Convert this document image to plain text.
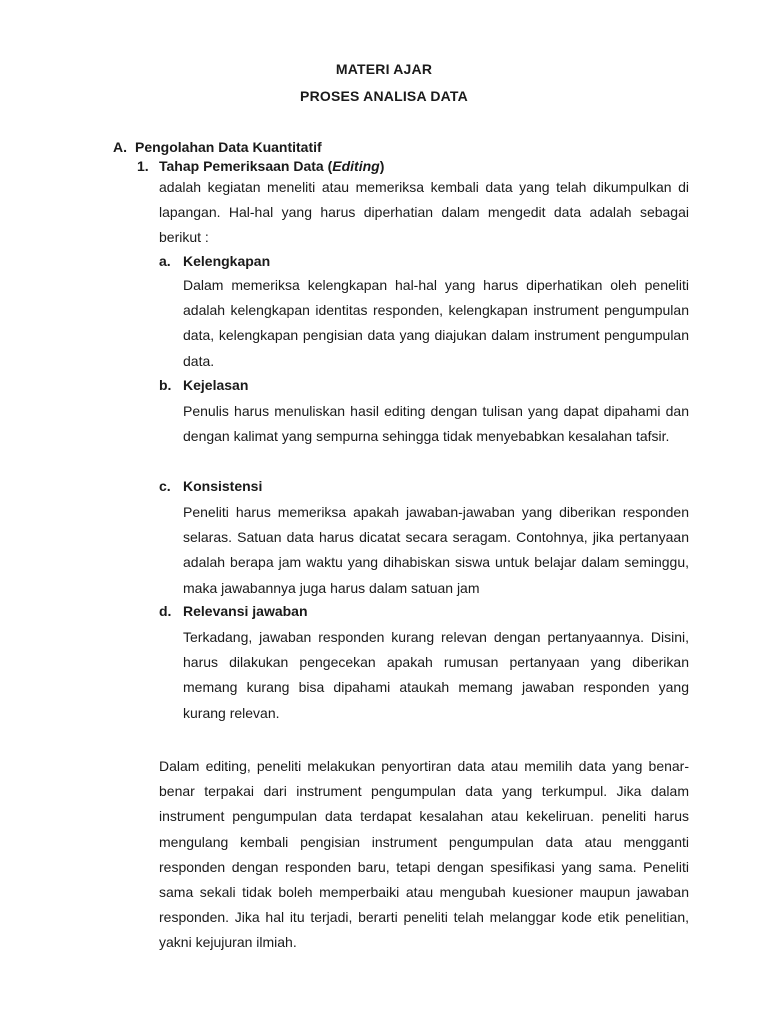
MATERI AJAR
PROSES ANALISA DATA
A. Pengolahan Data Kuantitatif
1. Tahap Pemeriksaan Data (Editing)

adalah kegiatan meneliti atau memeriksa kembali data yang telah dikumpulkan di lapangan. Hal-hal yang harus diperhatian dalam mengedit data adalah sebagai berikut :

a. Kelengkapan

Dalam memeriksa kelengkapan hal-hal yang harus diperhatikan oleh peneliti adalah kelengkapan identitas responden, kelengkapan instrument pengumpulan data, kelengkapan pengisian data yang diajukan dalam instrument pengumpulan data.

b. Kejelasan

Penulis harus menuliskan hasil editing dengan tulisan yang dapat dipahami dan dengan kalimat yang sempurna sehingga tidak menyebabkan kesalahan tafsir.

c. Konsistensi

Peneliti harus memeriksa apakah jawaban-jawaban yang diberikan responden selaras. Satuan data harus dicatat secara seragam. Contohnya, jika pertanyaan adalah berapa jam waktu yang dihabiskan siswa untuk belajar dalam seminggu, maka jawabannya juga harus dalam satuan jam

d. Relevansi jawaban

Terkadang, jawaban responden kurang relevan dengan pertanyaannya. Disini, harus dilakukan pengecekan apakah rumusan pertanyaan yang diberikan memang kurang bisa dipahami ataukah memang jawaban responden yang kurang relevan.

Dalam editing, peneliti melakukan penyortiran data atau memilih data yang benar-benar terpakai dari instrument pengumpulan data yang terkumpul. Jika dalam instrument pengumpulan data terdapat kesalahan atau kekeliruan. peneliti harus mengulang kembali pengisian instrument pengumpulan data atau mengganti responden dengan responden baru, tetapi dengan spesifikasi yang sama. Peneliti sama sekali tidak boleh memperbaiki atau mengubah kuesioner maupun jawaban responden. Jika hal itu terjadi, berarti peneliti telah melanggar kode etik penelitian, yakni kejujuran ilmiah.
